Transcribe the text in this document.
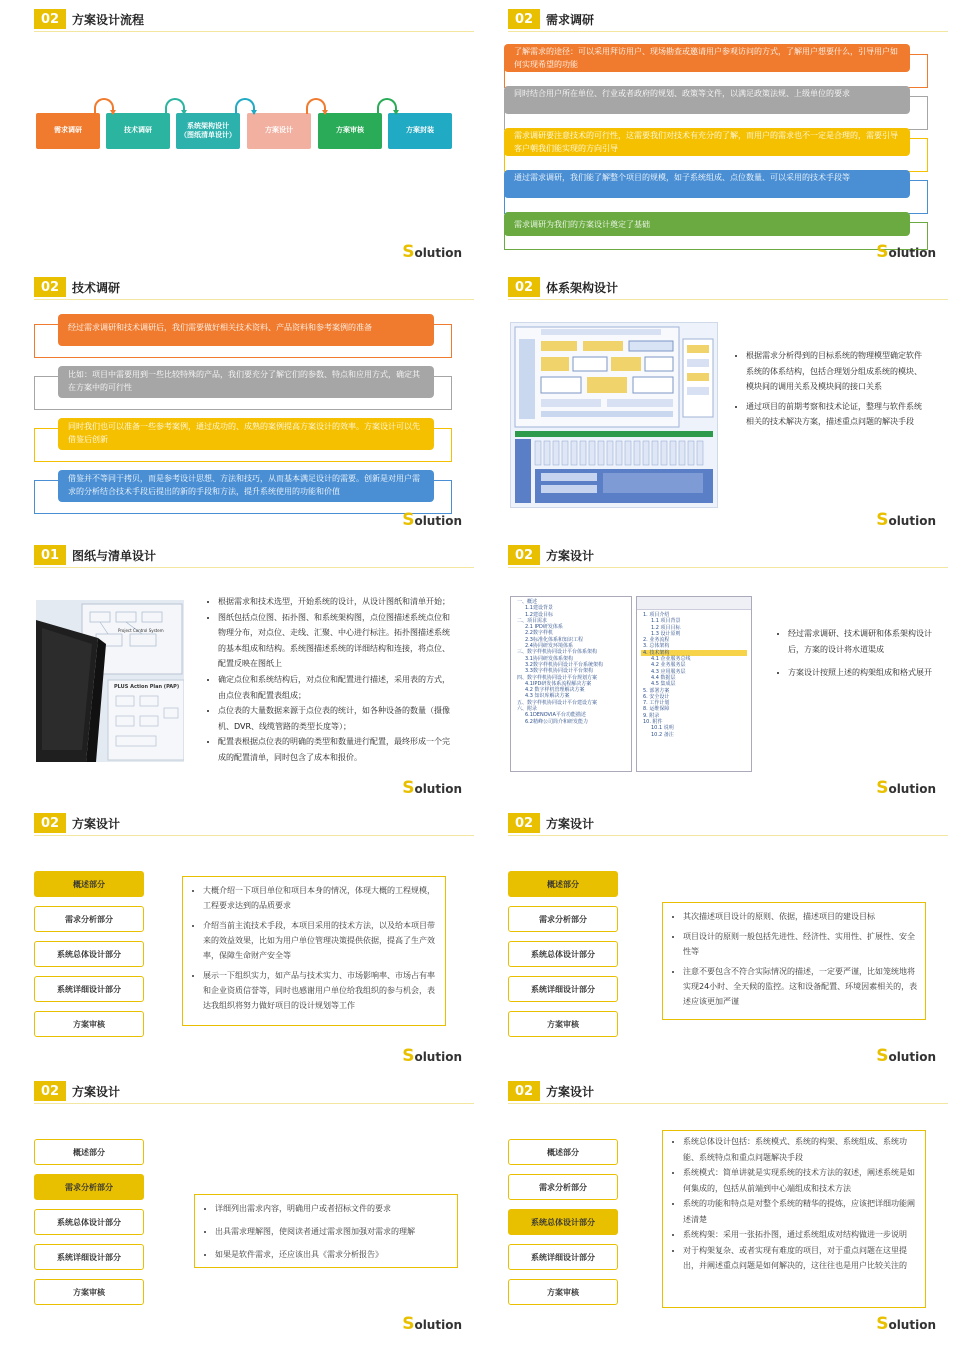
02	方案设计流程
需求调研	技术调研
系统架构设计
（图纸清单设计）
方案设计	方案审核	方案封装
Solution
02	需求调研
了解需求的途径：可以采用拜访用户、现场勘查或邀请用户参观访问的方式，了解用户想要什么，引导用户如何实现希望的功能
同时结合用户所在单位、行业或者政府的规划、政策等文件，以满足政策法规、上级单位的要求
需求调研要注意技术的可行性，这需要我们对技术有充分的了解，而用户的需求也不一定是合理的，需要引导客户朝我们能实现的方向引导
通过需求调研，我们能了解整个项目的规模，如子系统组成、点位数量、可以采用的技术手段等
需求调研为我们的方案设计奠定了基础
Solution
02	技术调研
经过需求调研和技术调研后，我们需要做好相关技术资料、产品资料和参考案例的准备
比如：项目中需要用到一些比较特殊的产品，我们要充分了解它们的参数、特点和应用方式，确定其在方案中的可行性
同时我们也可以准备一些参考案例，通过成功的、成熟的案例提高方案设计的效率。方案设计可以先借鉴后创新
借鉴并不等同于拷贝，而是参考设计思想、方法和技巧，从而基本满足设计的需要。创新是对用户需求的分析结合技术手段后提出的新的手段和方法，提升系统使用的功能和价值
Solution
02	体系架构设计
• 根据需求分析得到的目标系统的物理模型确定软件系统的体系结构，包括合理划分组成系统的模块、模块间的调用关系及模块间的接口关系
• 通过项目的前期考察和技术论证，整理与软件系统相关的技术解决方案，描述重点问题的解决手段
Solution
01	图纸与清单设计
PLUS Action Plan (PAP)
Project Control System
• 根据需求和技术选型，开始系统的设计，从设计图纸和清单开始；
• 图纸包括点位图、拓扑图、和系统架构图，点位图描述系统点位和物理分布，对点位、走线、汇聚、中心进行标注。拓扑图描述系统的基本组成和结构。系统图描述系统的详细结构和连接，将点位、配置反映在图纸上
• 确定点位和系统结构后，对点位和配置进行描述，采用表的方式，由点位表和配置表组成；
• 点位表的大量数据来源于点位表的统计，如各种设备的数量（摄像机、DVR、线缆管路的类型长度等）；
• 配置表根据点位表的明确的类型和数量进行配置，最终形成一个完成的配置清单，同时包含了成本和报价。
Solution
02	方案设计
一、概述
1.1建设背景
1.2建设目标
二、项目需求
2.1 IPD研发体系
2.2数字样机
2.3标准化体系和知识工程
2.4协同研发环境体系
三、数字样机协同设计平台体系架构
3.1协同研发体系架构
3.2数字样机协同设计平台系统架构
3.3数字样机协同设计平台架构
四、数字样机协同设计平台规划方案
4.1IPD研发体系流程解决方案
4.2 数字样机管理解决方案
4.3 知识库解决方案
五、数字样机协同设计平台建设方案
六、附录
6.1DENOVIA平台功能描述
6.2精峰公司简介和研发能力
1. 项目介绍
1.1 项目背景
1.2 项目目标
1.3 设计原则
2. 业务流程
3. 总体架构
4. 技术架构
4.1 企业服务总线
4.2 业务服务层
4.3 应用服务层
4.4 数据层
4.5 集成层
5. 部署方案
6. 安全设计
7. 工作计划
8. 运维保障
9. 附录
10. 附件
10.1 说明
10.2 备注
• 经过需求调研、技术调研和体系架构设计后，方案的设计将水道渠成
• 方案设计按照上述的构架组成和格式展开
Solution
02	方案设计
概述部分
需求分析部分
系统总体设计部分
系统详细设计部分
方案审核
• 大概介绍一下项目单位和项目本身的情况，体现大概的工程规模，工程要求达到的品质要求
• 介绍当前主流技术手段，本项目采用的技术方法，以及给本项目带来的效益效果，比如为用户单位管理决策提供依据，提高了生产效率，保障生命财产安全等
• 展示一下组织实力，如产品与技术实力、市场影响率、市场占有率和企业资质信誉等，同时也感谢用户单位给我组织的参与机会，表达我组织将努力做好项目的设计规划等工作
Solution
02	方案设计
概述部分
需求分析部分
系统总体设计部分
系统详细设计部分
方案审核
• 其次描述项目设计的原则、依据，描述项目的建设目标
• 项目设计的原则一般包括先进性、经济性、实用性、扩展性、安全性等
• 注意不要包含不符合实际情况的描述，一定要严谨，比如笼统地将实现24小时、全天候的监控。这和设备配置、环境因素相关的，表述应该更加严谨
Solution
02	方案设计
概述部分
需求分析部分
系统总体设计部分
系统详细设计部分
方案审核
• 详细列出需求内容，明确用户或者招标文件的要求
• 出具需求理解图，使阅读者通过需求图加强对需求的理解
• 如果是软件需求，还应该出具《需求分析报告》
Solution
02	方案设计
概述部分
需求分析部分
系统总体设计部分
系统详细设计部分
方案审核
• 系统总体设计包括：系统模式、系统的构架、系统组成、系统功能、系统特点和重点问题解决手段
• 系统模式：简单讲就是实现系统的技术方法的叙述，阐述系统是如何集成的，包括从前端到中心端组成和技术方法
• 系统的功能和特点是对整个系统的精华的提炼，应该把详细功能阐述清楚
• 系统构架：采用一张拓扑图，通过系统组成对结构做进一步说明
• 对于构架复杂、或者实现有难度的项目，对于重点问题在这里提出，并阐述重点问题是如何解决的，这往往也是用户比较关注的
Solution
